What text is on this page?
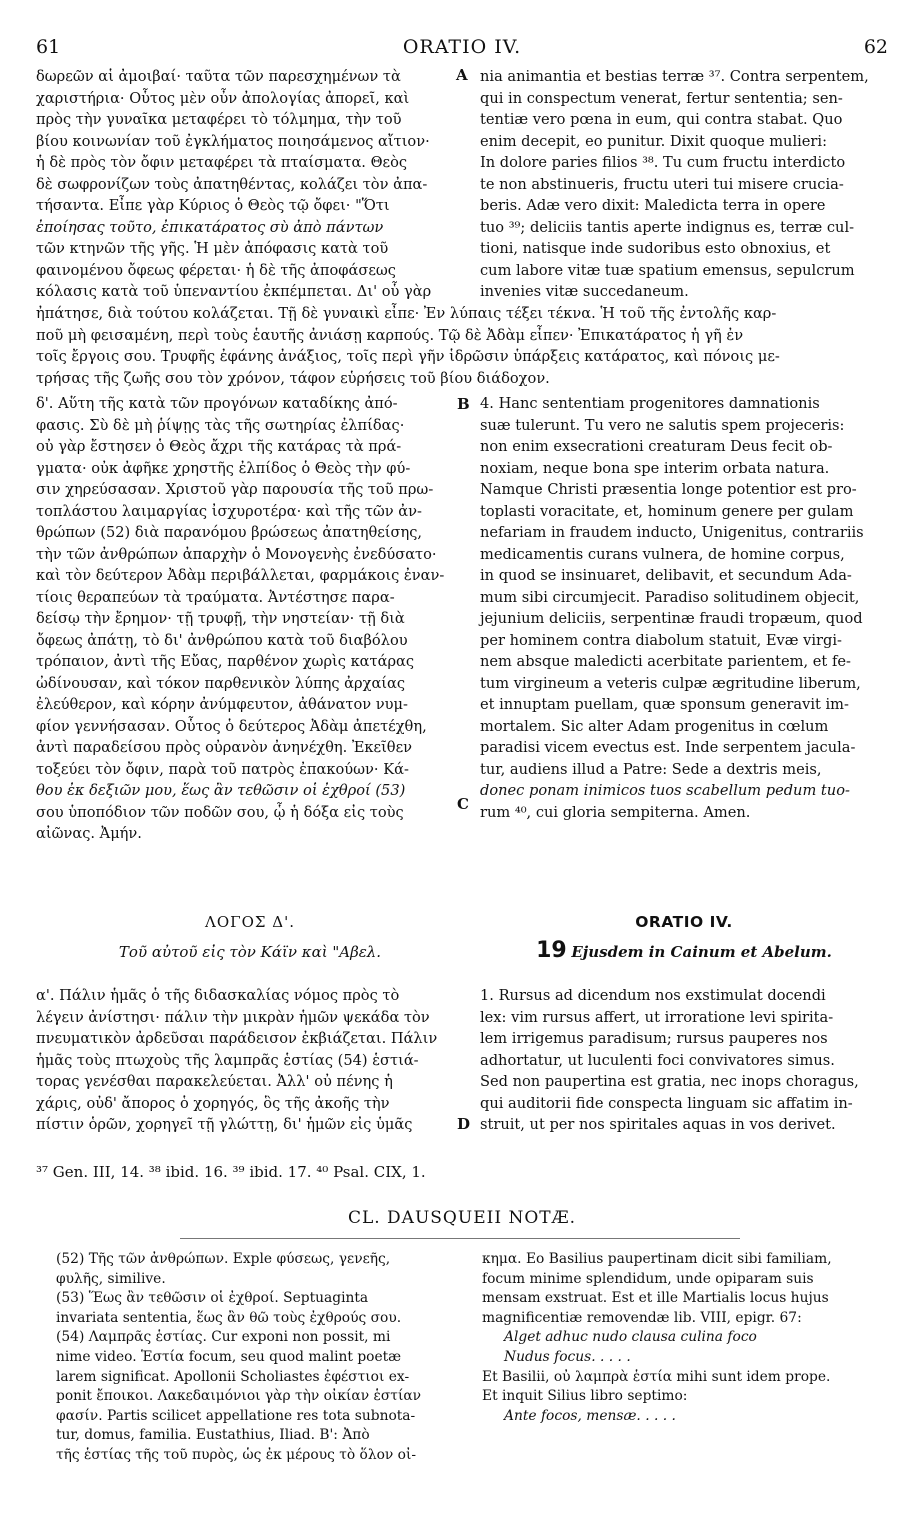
ORATIO IV.
61	62

δωρεῶν αἱ ἀμοιβαί· ταῦτα τῶν παρεσχημένων τὰ

χαριστήρια· Οὗτος μὲν οὖν ἀπολογίας ἀπορεῖ, καὶ

πρὸς τὴν γυναῖκα μεταφέρει τὸ τόλμημα, τὴν τοῦ

βίου κοινωνίαν τοῦ ἐγκλήματος ποιησάμενος αἴτιον·

ἡ δὲ πρὸς τὸν ὄφιν μεταφέρει τὰ πταίσματα. Θεὸς

δὲ σωφρονίζων τοὺς ἀπατηθέντας, κολάζει τὸν ἀπα-

τήσαντα. Εἶπε γὰρ Κύριος ὁ Θεὸς τῷ ὄφει· "Ὅτι

ἐποίησας τοῦτο, ἐπικατάρατος σὺ ἀπὸ πάντων

τῶν κτηνῶν τῆς γῆς. Ἡ μὲν ἀπόφασις κατὰ τοῦ

φαινομένου ὄφεως φέρεται· ἡ δὲ τῆς ἀποφάσεως

κόλασις κατὰ τοῦ ὑπεναντίου ἐκπέμπεται. Δι' οὗ γὰρ

A nia animantia et bestias terræ ³⁷. Contra serpentem,

qui in conspectum venerat, fertur sententia; sen-

tentiæ vero pœna in eum, qui contra stabat. Quo

enim decepit, eo punitur. Dixit quoque mulieri:

In dolore paries filios ³⁸. Tu cum fructu interdicto

te non abstinueris, fructu uteri tui misere crucia-

beris. Adæ vero dixit: Maledicta terra in opere

tuo ³⁹; deliciis tantis aperte indignus es, terræ cul-

tioni, natisque inde sudoribus esto obnoxius, et

cum labore vitæ tuæ spatium emensus, sepulcrum

invenies vitæ succedaneum.

ἠπάτησε, διὰ τούτου κολάζεται. Τῇ δὲ γυναικὶ εἶπε· Ἐν λύπαις τέξει τέκνα. Ἡ τοῦ τῆς ἐντολῆς καρ-

ποῦ μὴ φεισαμένη, περὶ τοὺς ἑαυτῆς ἀνιάσῃ καρπούς. Τῷ δὲ Ἀδὰμ εἶπεν· Ἐπικατάρατος ἡ γῆ ἐν

τοῖς ἔργοις σου. Τρυφῆς ἐφάνης ἀνάξιος, τοῖς περὶ γῆν ἱδρῶσιν ὑπάρξεις κατάρατος, καὶ πόνοις με-

τρήσας τῆς ζωῆς σου τὸν χρόνον, τάφον εὑρήσεις τοῦ βίου διάδοχον.

δ'. Αὕτη τῆς κατὰ τῶν προγόνων καταδίκης ἀπό-

φασις. Σὺ δὲ μὴ ῥίψῃς τὰς τῆς σωτηρίας ἐλπίδας·

οὐ γὰρ ἔστησεν ὁ Θεὸς ἄχρι τῆς κατάρας τὰ πρά-

γματα· οὐκ ἀφῆκε χρηστῆς ἐλπίδος ὁ Θεὸς τὴν φύ-

σιν χηρεύσασαν. Χριστοῦ γὰρ παρουσία τῆς τοῦ πρω-

τοπλάστου λαιμαργίας ἰσχυροτέρα· καὶ τῆς τῶν ἀν-

θρώπων (52) διὰ παρανόμου βρώσεως ἀπατηθείσης,

τὴν τῶν ἀνθρώπων ἀπαρχὴν ὁ Μονογενὴς ἐνεδύσατο·

καὶ τὸν δεύτερον Ἀδὰμ περιβάλλεται, φαρμάκοις ἐναν-

τίοις θεραπεύων τὰ τραύματα. Ἀντέστησε παρα-

δείσῳ τὴν ἔρημον· τῇ τρυφῇ, τὴν νηστείαν· τῇ διὰ

ὄφεως ἀπάτῃ, τὸ δι' ἀνθρώπου κατὰ τοῦ διαβόλου

τρόπαιον, ἀντὶ τῆς Εὔας, παρθένον χωρὶς κατάρας

ὠδίνουσαν, καὶ τόκον παρθενικὸν λύπης ἀρχαίας

ἐλεύθερον, καὶ κόρην ἀνύμφευτον, ἀθάνατον νυμ-

φίον γεννήσασαν. Οὗτος ὁ δεύτερος Ἀδὰμ ἀπετέχθη,

ἀντὶ παραδείσου πρὸς οὐρανὸν ἀνηνέχθη. Ἐκεῖθεν

τοξεύει τὸν ὄφιν, παρὰ τοῦ πατρὸς ἐπακούων· Κά-

θου ἐκ δεξιῶν μου, ἕως ἂν τεθῶσιν οἱ ἐχθροί (53)

σου ὑποπόδιον τῶν ποδῶν σου, ᾧ ἡ δόξα εἰς τοὺς

αἰῶνας. Ἀμήν.

B
C

4. Hanc sententiam progenitores damnationis

suæ tulerunt. Tu vero ne salutis spem projeceris:

non enim exsecrationi creaturam Deus fecit ob-

noxiam, neque bona spe interim orbata natura.

Namque Christi præsentia longe potentior est pro-

toplasti voracitate, et, hominum genere per gulam

nefariam in fraudem inducto, Unigenitus, contrariis

medicamentis curans vulnera, de homine corpus,

in quod se insinuaret, delibavit, et secundum Ada-

mum sibi circumjecit. Paradiso solitudinem objecit,

jejunium deliciis, serpentinæ fraudi tropæum, quod

per hominem contra diabolum statuit, Evæ virgi-

nem absque maledicti acerbitate parientem, et fe-

tum virgineum a veteris culpæ ægritudine liberum,

et innuptam puellam, quæ sponsum generavit im-

mortalem. Sic alter Adam progenitus in cœlum

paradisi vicem evectus est. Inde serpentem jacula-

tur, audiens illud a Patre: Sede a dextris meis,

donec ponam inimicos tuos scabellum pedum tuo-

rum ⁴⁰, cui gloria sempiterna. Amen.

ΛΟΓΟΣ Δ'.

Τοῦ αὐτοῦ εἰς τὸν Κάϊν καὶ "Αβελ.

ORATIO IV.

19 Ejusdem in Cainum et Abelum.

α'. Πάλιν ἡμᾶς ὁ τῆς διδασκαλίας νόμος πρὸς τὸ

λέγειν ἀνίστησι· πάλιν τὴν μικρὰν ἡμῶν ψεκάδα τὸν

πνευματικὸν ἀρδεῦσαι παράδεισον ἐκβιάζεται. Πάλιν

ἡμᾶς τοὺς πτωχοὺς τῆς λαμπρᾶς ἑστίας (54) ἑστιά-

τορας γενέσθαι παρακελεύεται. Ἀλλ' οὐ πένης ἡ

χάρις, οὐδ' ἄπορος ὁ χορηγός, ὃς τῆς ἀκοῆς τὴν

πίστιν ὁρῶν, χορηγεῖ τῇ γλώττῃ, δι' ἡμῶν εἰς ὑμᾶς	D

1. Rursus ad dicendum nos exstimulat docendi

lex: vim rursus affert, ut irroratione levi spirita-

lem irrigemus paradisum; rursus pauperes nos

adhortatur, ut luculenti foci convivatores simus.

Sed non paupertina est gratia, nec inops choragus,

qui auditorii fide conspecta linguam sic affatim in-

struit, ut per nos spiritales aquas in vos derivet.

³⁷ Gen. III, 14. ³⁸ ibid. 16. ³⁹ ibid. 17. ⁴⁰ Psal. CIX, 1.
CL. DAUSQUEII NOTÆ.

(52) Τῆς τῶν ἀνθρώπων. Exple φύσεως, γενεῆς,

φυλῆς, similive.

(53) Ἕως ἂν τεθῶσιν οἱ ἐχθροί. Septuaginta

invariata sententia, ἕως ἂν θῶ τοὺς ἐχθρούς σου.

(54) Λαμπρᾶς ἑστίας. Cur exponi non possit, mi

nime video. Ἑστία focum, seu quod malint poetæ

larem significat. Apollonii Scholiastes ἐφέστιοι ex-

ponit ἔποικοι. Λακεδαιμόνιοι γὰρ τὴν οἰκίαν ἑστίαν

φασίν. Partis scilicet appellatione res tota subnota-

tur, domus, familia. Eustathius, Iliad. B': Ἀπὸ

τῆς ἑστίας τῆς τοῦ πυρὸς, ὡς ἐκ μέρους τὸ ὅλον οἰ-

κημα. Eo Basilius paupertinam dicit sibi familiam,

focum minime splendidum, unde opiparam suis

mensam exstruat. Est et ille Martialis locus hujus

magnificentiæ removendæ lib. VIII, epigr. 67:

Alget adhuc nudo clausa culina foco

Nudus focus. . . . .

Et Basilii, οὐ λαμπρὰ ἑστία mihi sunt idem prope.

Et inquit Silius libro septimo:

Ante focos, mensæ. . . . .
